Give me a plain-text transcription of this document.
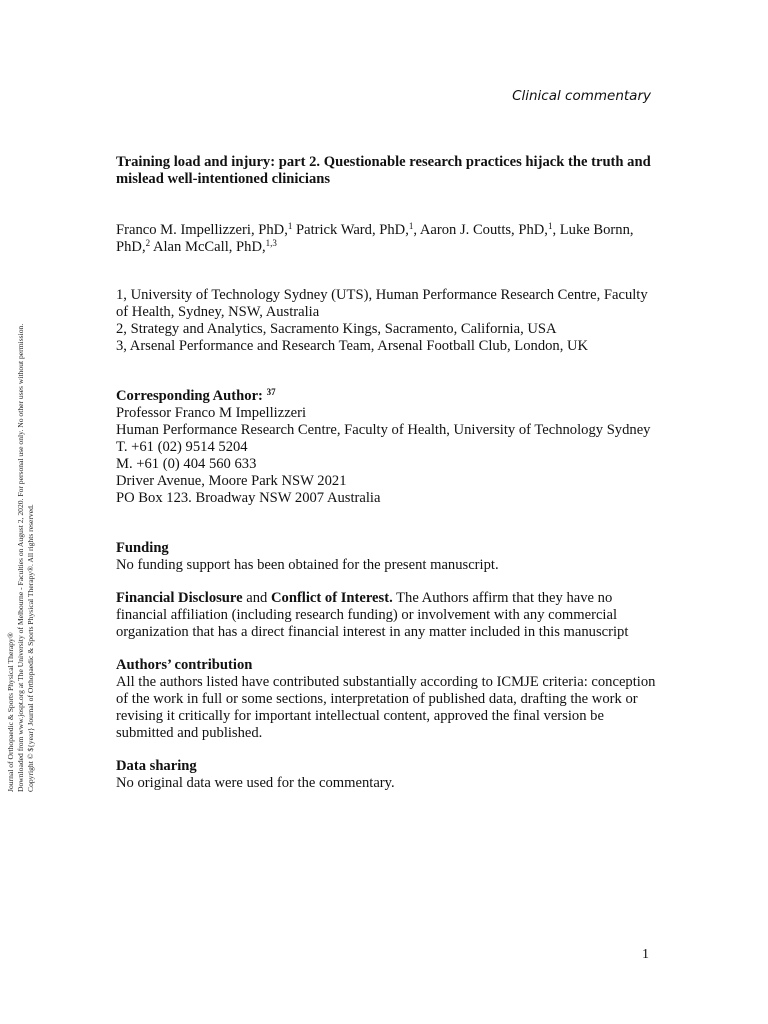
Clinical commentary
Journal of Orthopaedic & Sports Physical Therapy® Downloaded from www.jospt.org at The University of Melbourne - Faculties on August 2, 2020. For personal use only. No other uses without permission. Copyright © ${year} Journal of Orthopaedic & Sports Physical Therapy®. All rights reserved.

Training load and injury: part 2. Questionable research practices hijack the truth and mislead well-intentioned clinicians

Franco M. Impellizzeri, PhD,$^1$ Patrick Ward, PhD,$^1$, Aaron J. Coutts, PhD,$^1$, Luke Bornn, PhD,$^2$ Alan McCall, PhD,$^{1,3}$
1, University of Technology Sydney (UTS), Human Performance Research Centre, Faculty of Health, Sydney, NSW, Australia
2, Strategy and Analytics, Sacramento Kings, Sacramento, California, USA
3, Arsenal Performance and Research Team, Arsenal Football Club, London, UK
Corresponding Author: $^{37}$
Professor Franco M Impellizzeri
Human Performance Research Centre, Faculty of Health, University of Technology Sydney
T. +61 (02) 9514 5204
M. +61 (0) 404 560 633
Driver Avenue, Moore Park NSW 2021
PO Box 123. Broadway NSW 2007 Australia
Funding
No funding support has been obtained for the present manuscript.
Financial Disclosure and Conflict of Interest. The Authors affirm that they have no financial affiliation (including research funding) or involvement with any commercial organization that has a direct financial interest in any matter included in this manuscript
Authors’ contribution
All the authors listed have contributed substantially according to ICMJE criteria: conception of the work in full or some sections, interpretation of published data, drafting the work or revising it critically for important intellectual content, approved the final version be submitted and published.
Data sharing
No original data were used for the commentary.
1
